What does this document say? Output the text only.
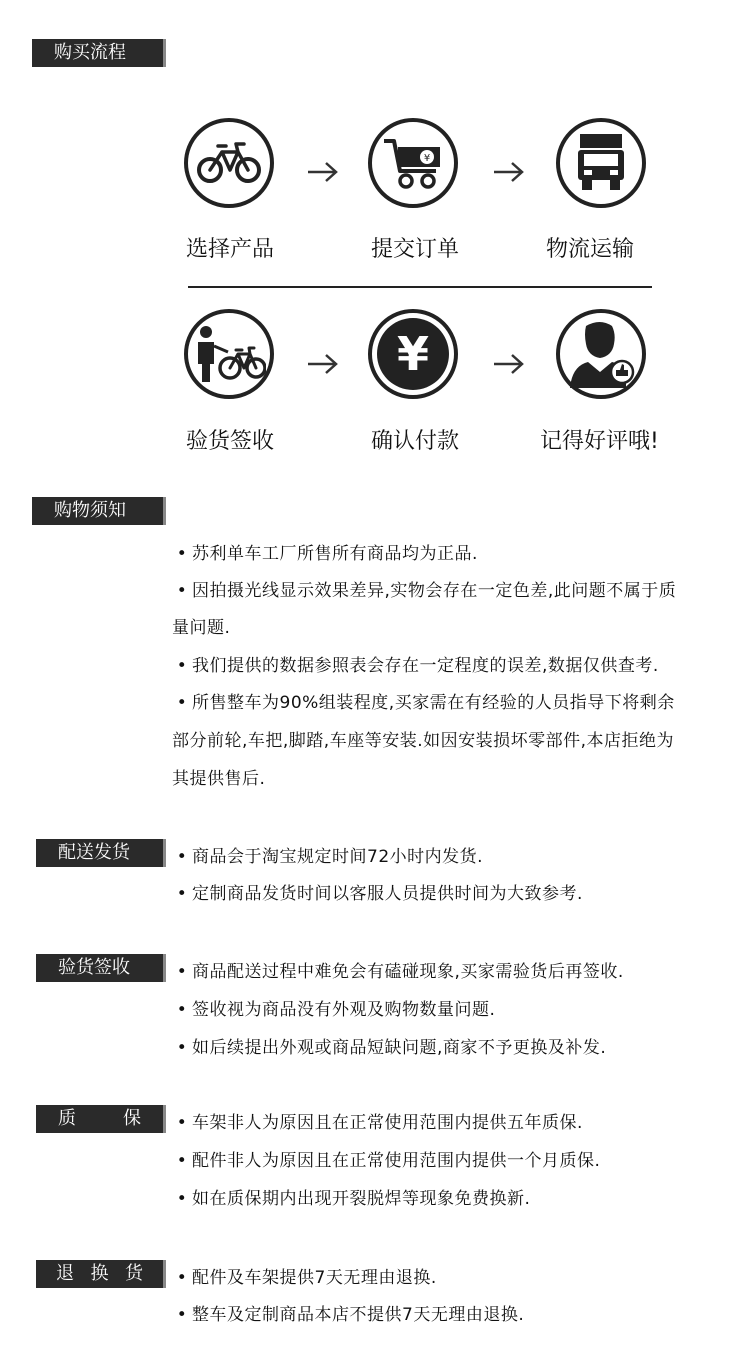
购买流程
¥
选择产品	提交订单	物流运输
¥
验货签收	确认付款	记得好评哦!
购物须知
• 苏利单车工厂所售所有商品均为正品.
• 因拍摄光线显示效果差异,实物会存在一定色差,此问题不属于质
量问题.
• 我们提供的数据参照表会存在一定程度的误差,数据仅供查考.
• 所售整车为90%组装程度,买家需在有经验的人员指导下将剩余
部分前轮,车把,脚踏,车座等安装.如因安装损坏零部件,本店拒绝为
其提供售后.
配送发货	• 商品会于淘宝规定时间72小时内发货.
• 定制商品发货时间以客服人员提供时间为大致参考.
验货签收	• 商品配送过程中难免会有磕碰现象,买家需验货后再签收.
• 签收视为商品没有外观及购物数量问题.
• 如后续提出外观或商品短缺问题,商家不予更换及补发.
质	保 • 车架非人为原因且在正常使用范围内提供五年质保.
• 配件非人为原因且在正常使用范围内提供一个月质保.
• 如在质保期内出现开裂脱焊等现象免费换新.
退 换 货 • 配件及车架提供7天无理由退换.
• 整车及定制商品本店不提供7天无理由退换.
